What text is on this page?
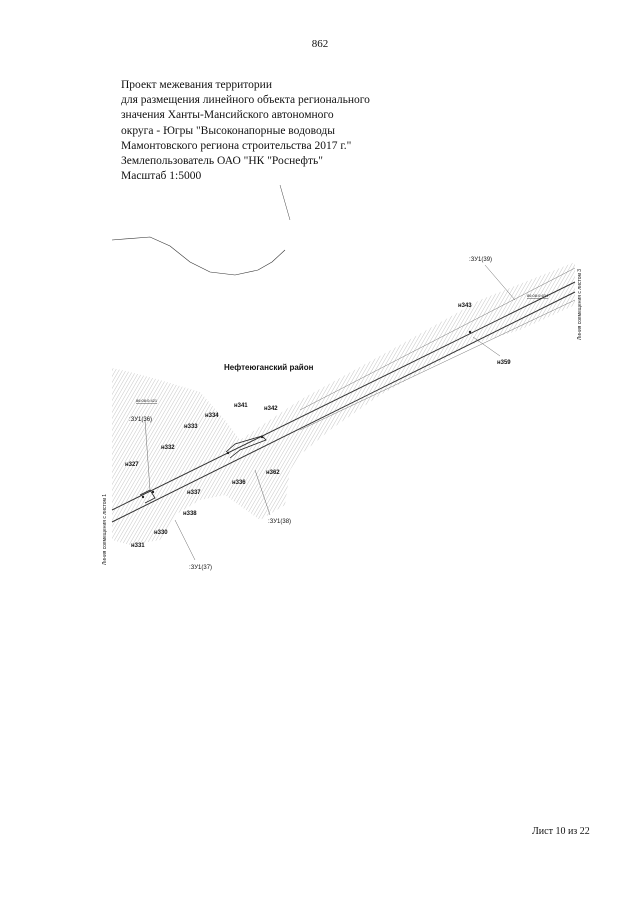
862
Проект межевания территории
для размещения линейного объекта регионального
значения Ханты-Мансийского автономного
округа - Югры "Высоконапорные водоводы
Мамонтовского региона строительства 2017 г."
Землепользователь ОАО "НК "Роснефть"
Масштаб 1:5000
Линия совмещения с листом 1
Линия совмещения с листом 3
Нефтеюганский район
:ЗУ1(39)
:ЗУ1(36)
:ЗУ1(38)
:ЗУ1(37)
86:08:0:421
86:08:0:634
н343
н359
н341	н342
н334
н333
н332
н362
н336
н327
н337
н338
н330
н331
Лист 10 из 22
